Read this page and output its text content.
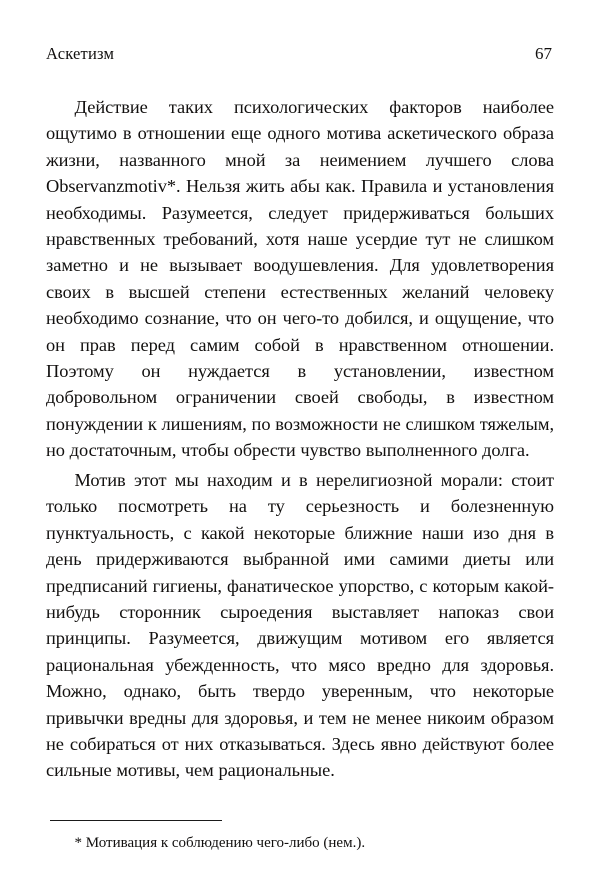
Аскетизм	67

Действие таких психологических факторов наиболее ощутимо в отношении еще одного мотива аскетического образа жизни, названного мной за неимением лучшего слова Observanzmotiv*. Нельзя жить абы как. Правила и установления необходимы. Разумеется, следует придерживаться больших нравственных требований, хотя наше усердие тут не слишком заметно и не вызывает воодушевления. Для удовлетворения своих в высшей степени естественных желаний человеку необходимо сознание, что он чего-то добился, и ощущение, что он прав перед самим собой в нравственном отношении. Поэтому он нуждается в установлении, известном добровольном ограничении своей свободы, в известном понуждении к лишениям, по возможности не слишком тяжелым, но достаточным, чтобы обрести чувство выполненного долга.

Мотив этот мы находим и в нерелигиозной морали: стоит только посмотреть на ту серьезность и болезненную пунктуальность, с какой некоторые ближние наши изо дня в день придерживаются выбранной ими самими диеты или предписаний гигиены, фанатическое упорство, с которым какой-нибудь сторонник сыроедения выставляет напоказ свои принципы. Разумеется, движущим мотивом его является рациональная убежденность, что мясо вредно для здоровья. Можно, однако, быть твердо уверенным, что некоторые привычки вредны для здоровья, и тем не менее никоим образом не собираться от них отказываться. Здесь явно действуют более сильные мотивы, чем рациональные.

* Мотивация к соблюдению чего-либо (нем.).
